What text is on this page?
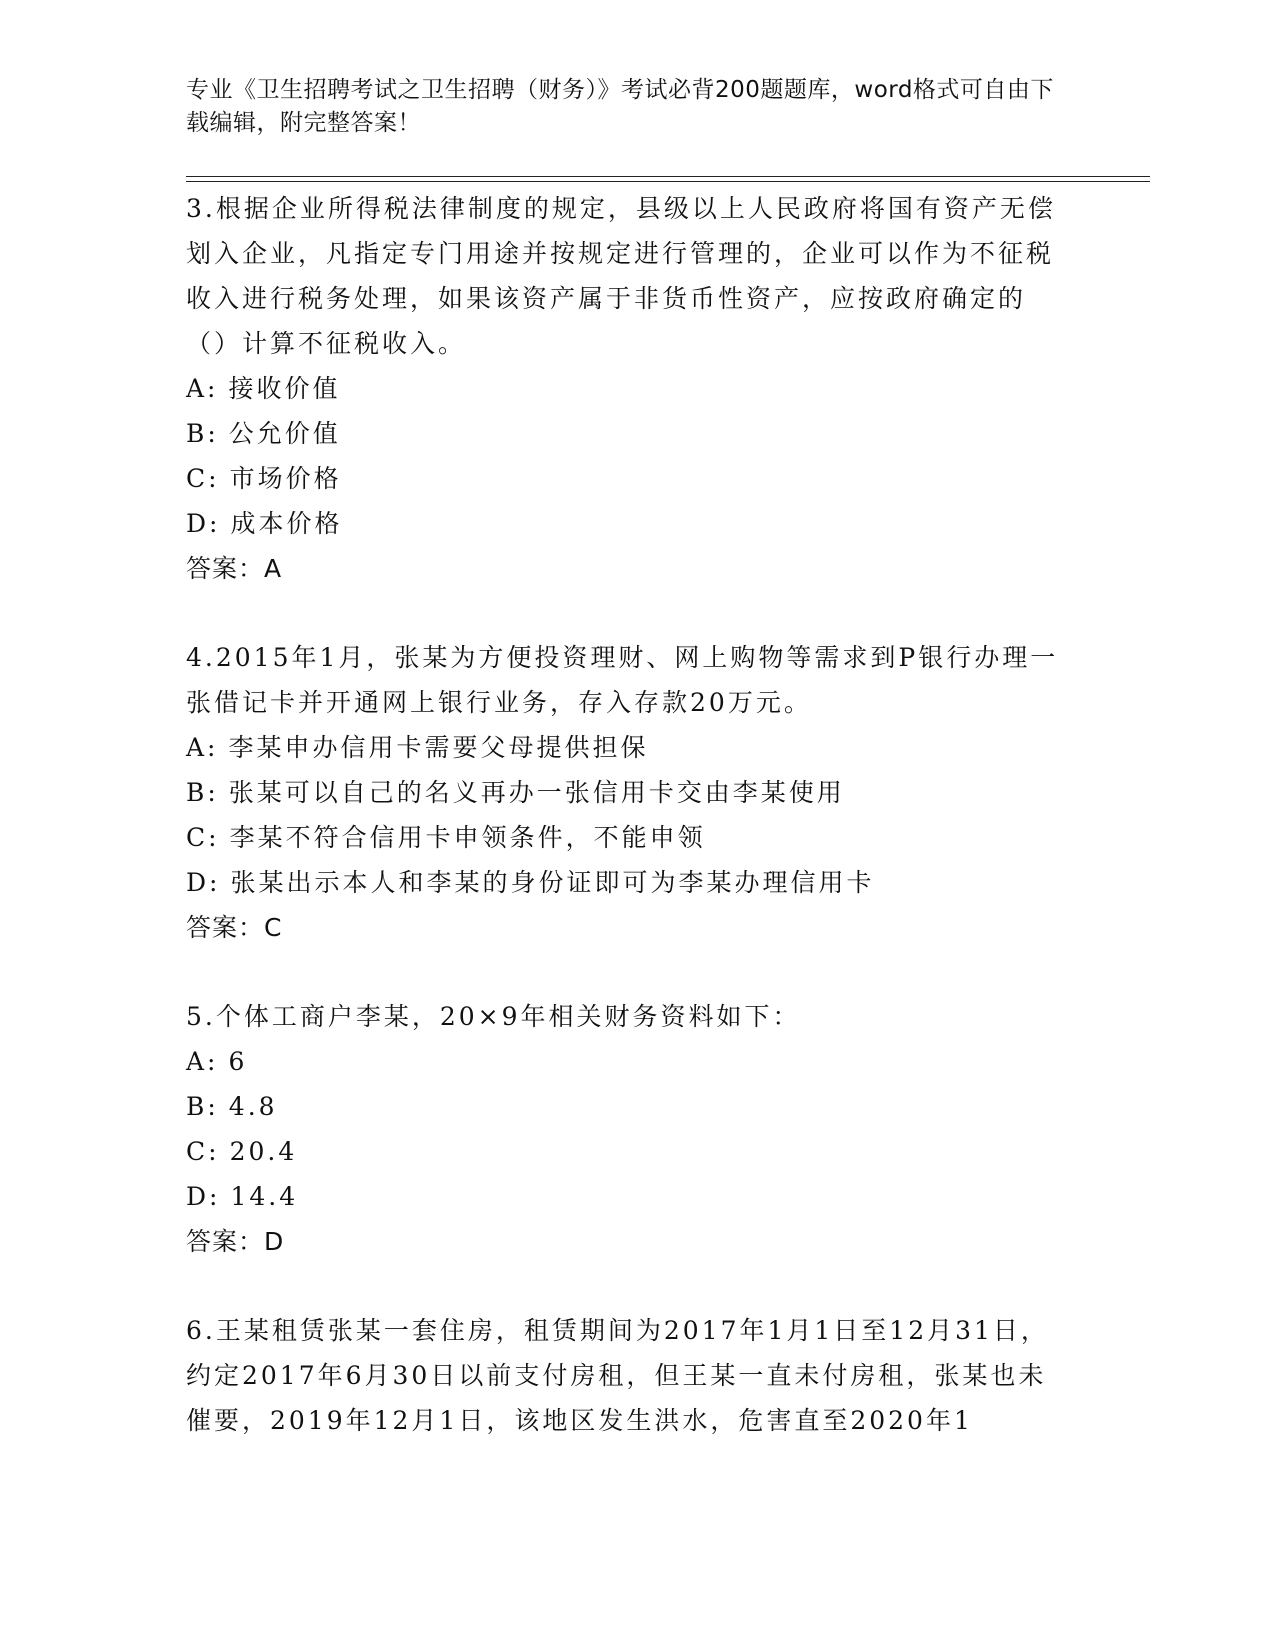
专业《卫生招聘考试之卫生招聘（财务）》考试必背200题题库，word格式可自由下载编辑，附完整答案！

3.根据企业所得税法律制度的规定，县级以上人民政府将国有资产无偿划入企业，凡指定专门用途并按规定进行管理的，企业可以作为不征税收入进行税务处理，如果该资产属于非货币性资产，应按政府确定的（）计算不征税收入。

A: 接收价值
B: 公允价值
C: 市场价格
D: 成本价格

答案：A

4.2015年1月，张某为方便投资理财、网上购物等需求到P银行办理一张借记卡并开通网上银行业务，存入存款20万元。

A: 李某申办信用卡需要父母提供担保
B: 张某可以自己的名义再办一张信用卡交由李某使用
C: 李某不符合信用卡申领条件，不能申领
D: 张某出示本人和李某的身份证即可为李某办理信用卡

答案：C

5.个体工商户李某，20×9年相关财务资料如下：

A: 6
B: 4.8
C: 20.4
D: 14.4

答案：D

6.王某租赁张某一套住房，租赁期间为2017年1月1日至12月31日，约定2017年6月30日以前支付房租，但王某一直未付房租，张某也未催要，2019年12月1日，该地区发生洪水，危害直至2020年1
